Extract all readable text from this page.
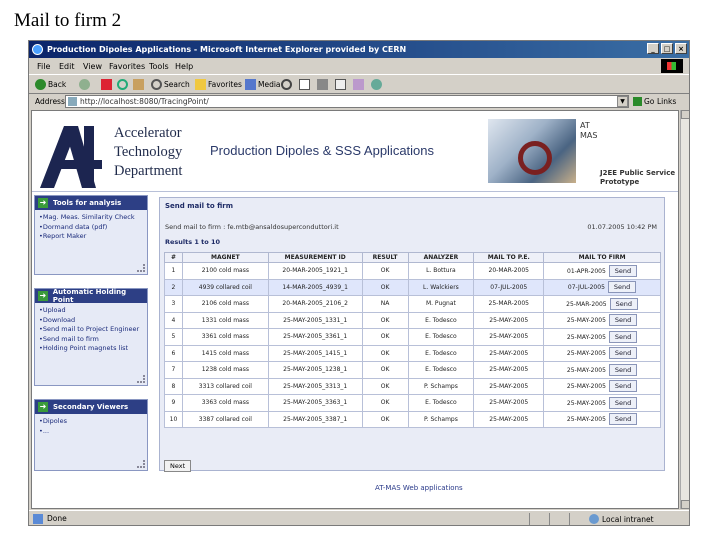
Mail to firm 2
Production Dipoles Applications - Microsoft Internet Explorer provided by CERN	_	□	×
File Edit View Favorites Tools Help
Back	Search Favorites Media
Address	http://localhost:8080/TracingPoint/	▼	Go Links
Accelerator
Technology
Department
Production Dipoles & SSS Applications
AT
MAS
J2EE Public Service
Prototype
➜ Tools for analysis
• Mag. Meas. Similarity Check
• Dormand data (pdf)
• Report Maker
➜ Automatic Holding Point
• Upload
• Download
• Send mail to Project Engineer
• Send mail to firm
• Holding Point magnets list
➜ Secondary Viewers
• Dipoles
• ...
Send mail to firm
Send mail to firm : fe.mtb@ansaldosuperconduttori.it	01.07.2005 10:42 PM
Results 1 to 10
#	MAGNET	MEASUREMENT ID	RESULT	ANALYZER	MAIL TO P.E.	MAIL TO FIRM
1	2100 cold mass	20-MAR-2005_1921_1	OK	L. Bottura	20-MAR-2005	01-APR-2005 Send
2	4939 collared coil	14-MAR-2005_4939_1	OK	L. Walckiers	07-JUL-2005	07-JUL-2005 Send
3	2106 cold mass	20-MAR-2005_2106_2	NA	M. Pugnat	25-MAR-2005	25-MAR-2005 Send
4	1331 cold mass	25-MAY-2005_1331_1	OK	E. Todesco	25-MAY-2005	25-MAY-2005 Send
5	3361 cold mass	25-MAY-2005_3361_1	OK	E. Todesco	25-MAY-2005	25-MAY-2005 Send
6	1415 cold mass	25-MAY-2005_1415_1	OK	E. Todesco	25-MAY-2005	25-MAY-2005 Send
7	1238 cold mass	25-MAY-2005_1238_1	OK	E. Todesco	25-MAY-2005	25-MAY-2005 Send
8	3313 collared coil	25-MAY-2005_3313_1	OK	P. Schamps	25-MAY-2005	25-MAY-2005 Send
9	3363 cold mass	25-MAY-2005_3363_1	OK	E. Todesco	25-MAY-2005	25-MAY-2005 Send
10	3387 collared coil	25-MAY-2005_3387_1	OK	P. Schamps	25-MAY-2005	25-MAY-2005 Send
Next
AT-MAS Web applications
Done	Local intranet
